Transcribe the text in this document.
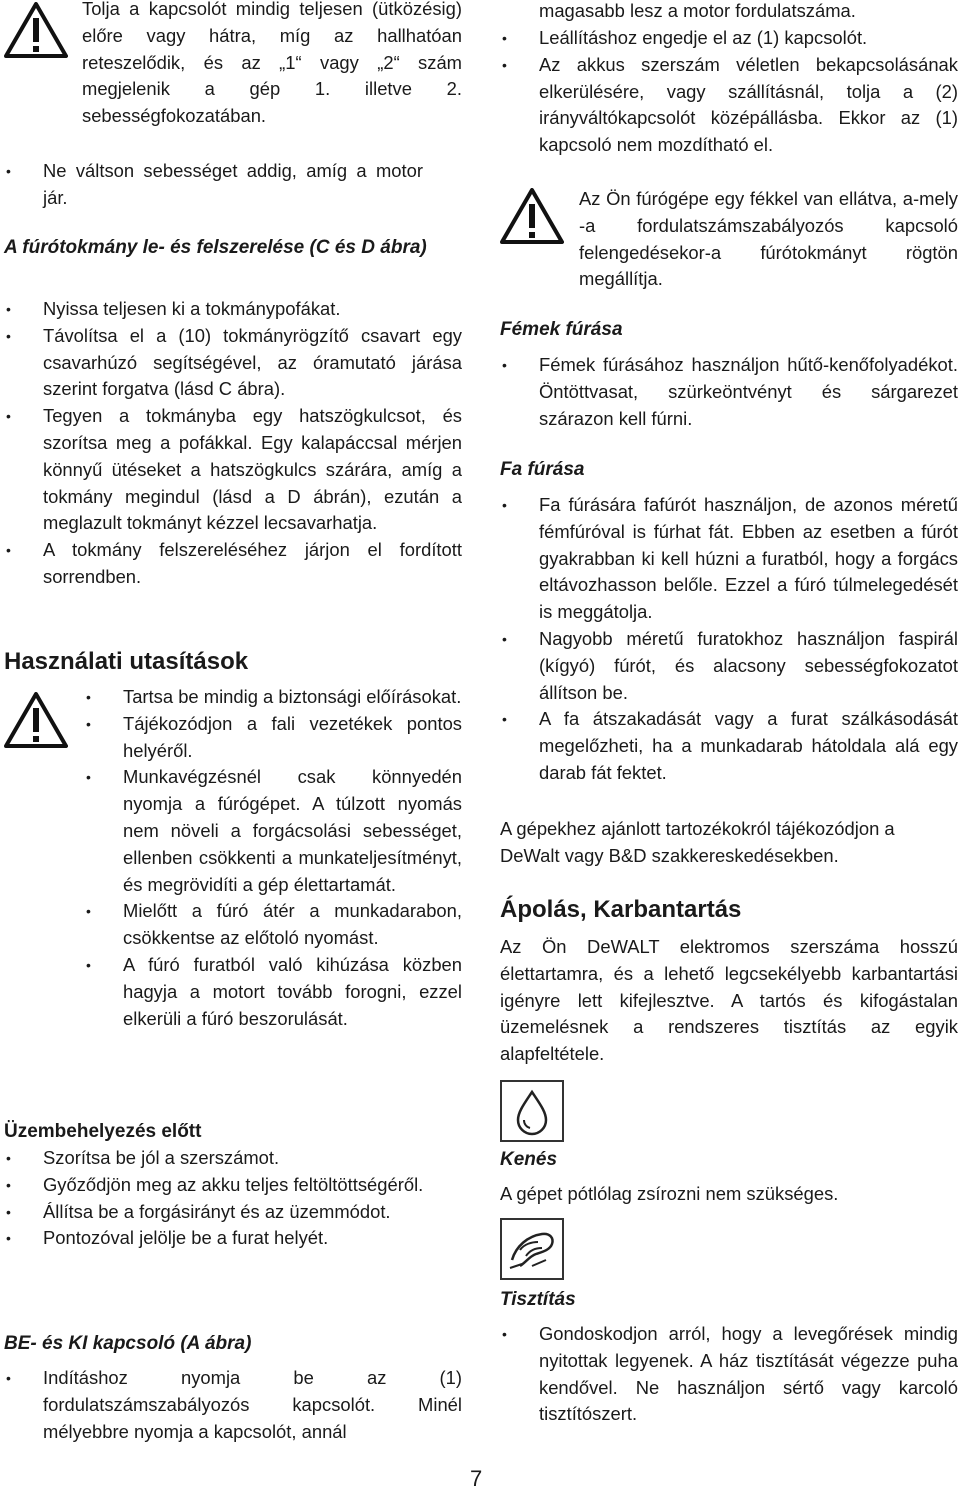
Tolja a kapcsolót mindig teljesen (ütközésig) előre vagy hátra, míg az hallhatóan reteszelődik, és az „1“ vagy „2“ szám megjelenik a gép 1. illetve 2. sebességfokozatában.

• Ne váltson sebességet addig, amíg a motor jár.

A fúrótokmány le- és felszerelése (C és D ábra)

• Nyissa teljesen ki a tokmánypofákat.
• Távolítsa el a (10) tokmányrögzítő csavart egy csavarhúzó segítségével, az óramutató járása szerint forgatva (lásd C ábra).
• Tegyen a tokmányba egy hatszögkulcsot, és szorítsa meg a pofákkal. Egy kalapáccsal mérjen könnyű ütéseket a hatszögkulcs szárára, amíg a tokmány megindul (lásd a D ábrán), ezután a meglazult tokmányt kézzel lecsavarhatja.
• A tokmány felszereléséhez járjon el fordított sorrendben.

Használati utasítások

• Tartsa be mindig a biztonsági előírásokat.
• Tájékozódjon a fali vezetékek pontos helyéről.
• Munkavégzésnél csak könnyedén nyomja a fúrógépet. A túlzott nyomás nem növeli a forgácsolási sebességet, ellenben csökkenti a munkateljesítményt, és megrövidíti a gép élettartamát.
• Mielőtt a fúró átér a munkadarabon, csökkentse az előtoló nyomást.
• A fúró furatból való kihúzása közben hagyja a motort tovább forogni, ezzel elkerüli a fúró beszorulását.

Üzembehelyezés előtt

• Szorítsa be jól a szerszámot.
• Győződjön meg az akku teljes feltöltöttségéről.
• Állítsa be a forgásirányt és az üzemmódot.
• Pontozóval jelölje be a furat helyét.

BE- és KI kapcsoló (A ábra)

• Indításhoz nyomja be az (1) fordulatszámszabályozós kapcsolót. Minél mélyebbre nyomja a kapcsolót, annál

magasabb lesz a motor fordulatszáma.

• Leállításhoz engedje el az (1) kapcsolót.
• Az akkus szerszám véletlen bekapcsolásának elkerülésére, vagy szállításnál, tolja a (2) irányváltókapcsolót középállásba. Ekkor az (1) kapcsoló nem mozdítható el.

Az Ön fúrógépe egy fékkel van ellátva, a-mely -a fordulatszámszabályozós kapcsoló felengedésekor-a fúrótokmányt rögtön megállítja.

Fémek fúrása

• Fémek fúrásához használjon hűtő-kenőfolyadékot. Öntöttvasat, szürkeöntvényt és sárgarezet szárazon kell fúrni.

Fa fúrása

• Fa fúrására fafúrót használjon, de azonos méretű fémfúróval is fúrhat fát. Ebben az esetben a fúrót gyakrabban ki kell húzni a furatból, hogy a forgács eltávozhasson belőle. Ezzel a fúró túlmelegedését is meggátolja.
• Nagyobb méretű furatokhoz használjon faspirál (kígyó) fúrót, és alacsony sebességfokozatot állítson be.
• A fa átszakadását vagy a furat szálkásodását megelőzheti, ha a munkadarab hátoldala alá egy darab fát fektet.

A gépekhez ajánlott tartozékokról tájékozódjon a DeWalt vagy B&D szakkereskedésekben.

Ápolás, Karbantartás

Az Ön DeWALT elektromos szerszáma hosszú élettartamra, és a lehető legcsekélyebb karbantartási igényre lett kifejlesztve. A tartós és kifogástalan üzemelésnek a rendszeres tisztítás az egyik alapfeltétele.

Kenés

A gépet pótlólag zsírozni nem szükséges.

Tisztítás

• Gondoskodjon arról, hogy a levegőrések mindig nyitottak legyenek. A ház tisztítását végezze puha kendővel. Ne használjon sértő vagy karcoló tisztítószert.
7
